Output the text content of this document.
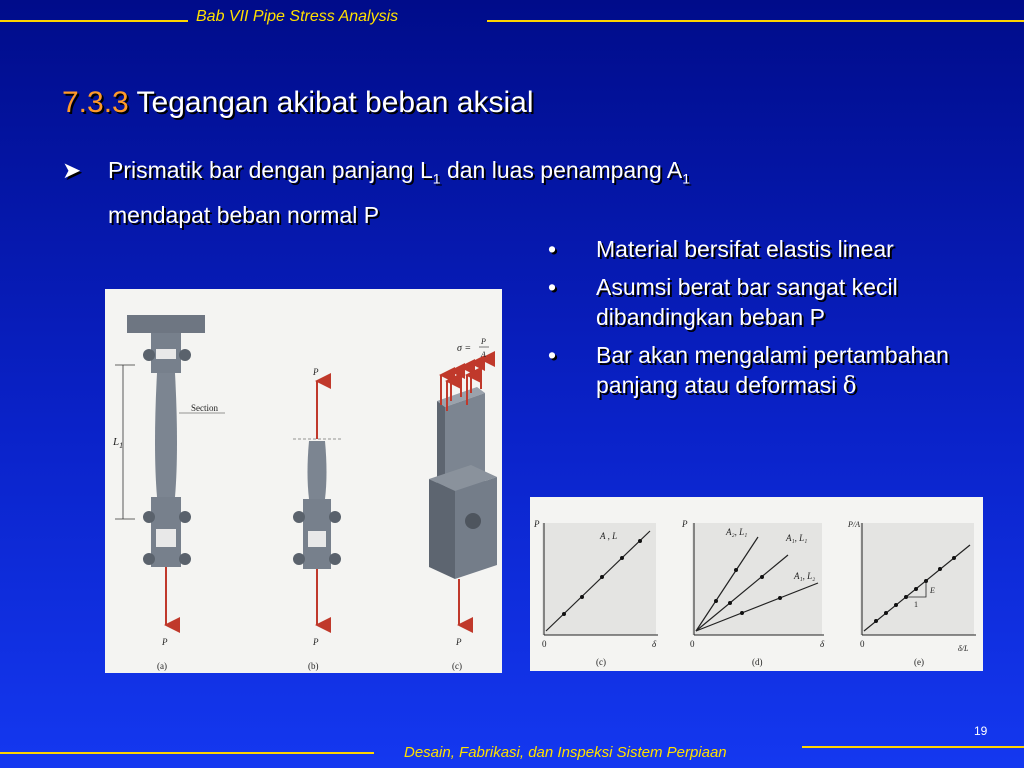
Bab VII Pipe Stress Analysis
7.3.3 Tegangan akibat beban aksial
➤ Prismatik bar dengan panjang $L_1$ dan luas penampang $A_1$
mendapat beban normal P
• Material bersifat elastis linear
• Asumsi berat bar sangat kecil dibandingkan beban P
• Bar akan mengalami pertambahan panjang atau deformasi δ
$L_1$
Section
P
(a)
P
P
(b)
σ =
P
A
P
(c)
P
A , L
0	δ
(c)
P
A₂, L₁
A₁, L₁
A₁, L₂
0	δ
(d)
P/A
E
1
0	δ/L
(e)
19
Desain, Fabrikasi, dan Inspeksi Sistem Perpiaan
